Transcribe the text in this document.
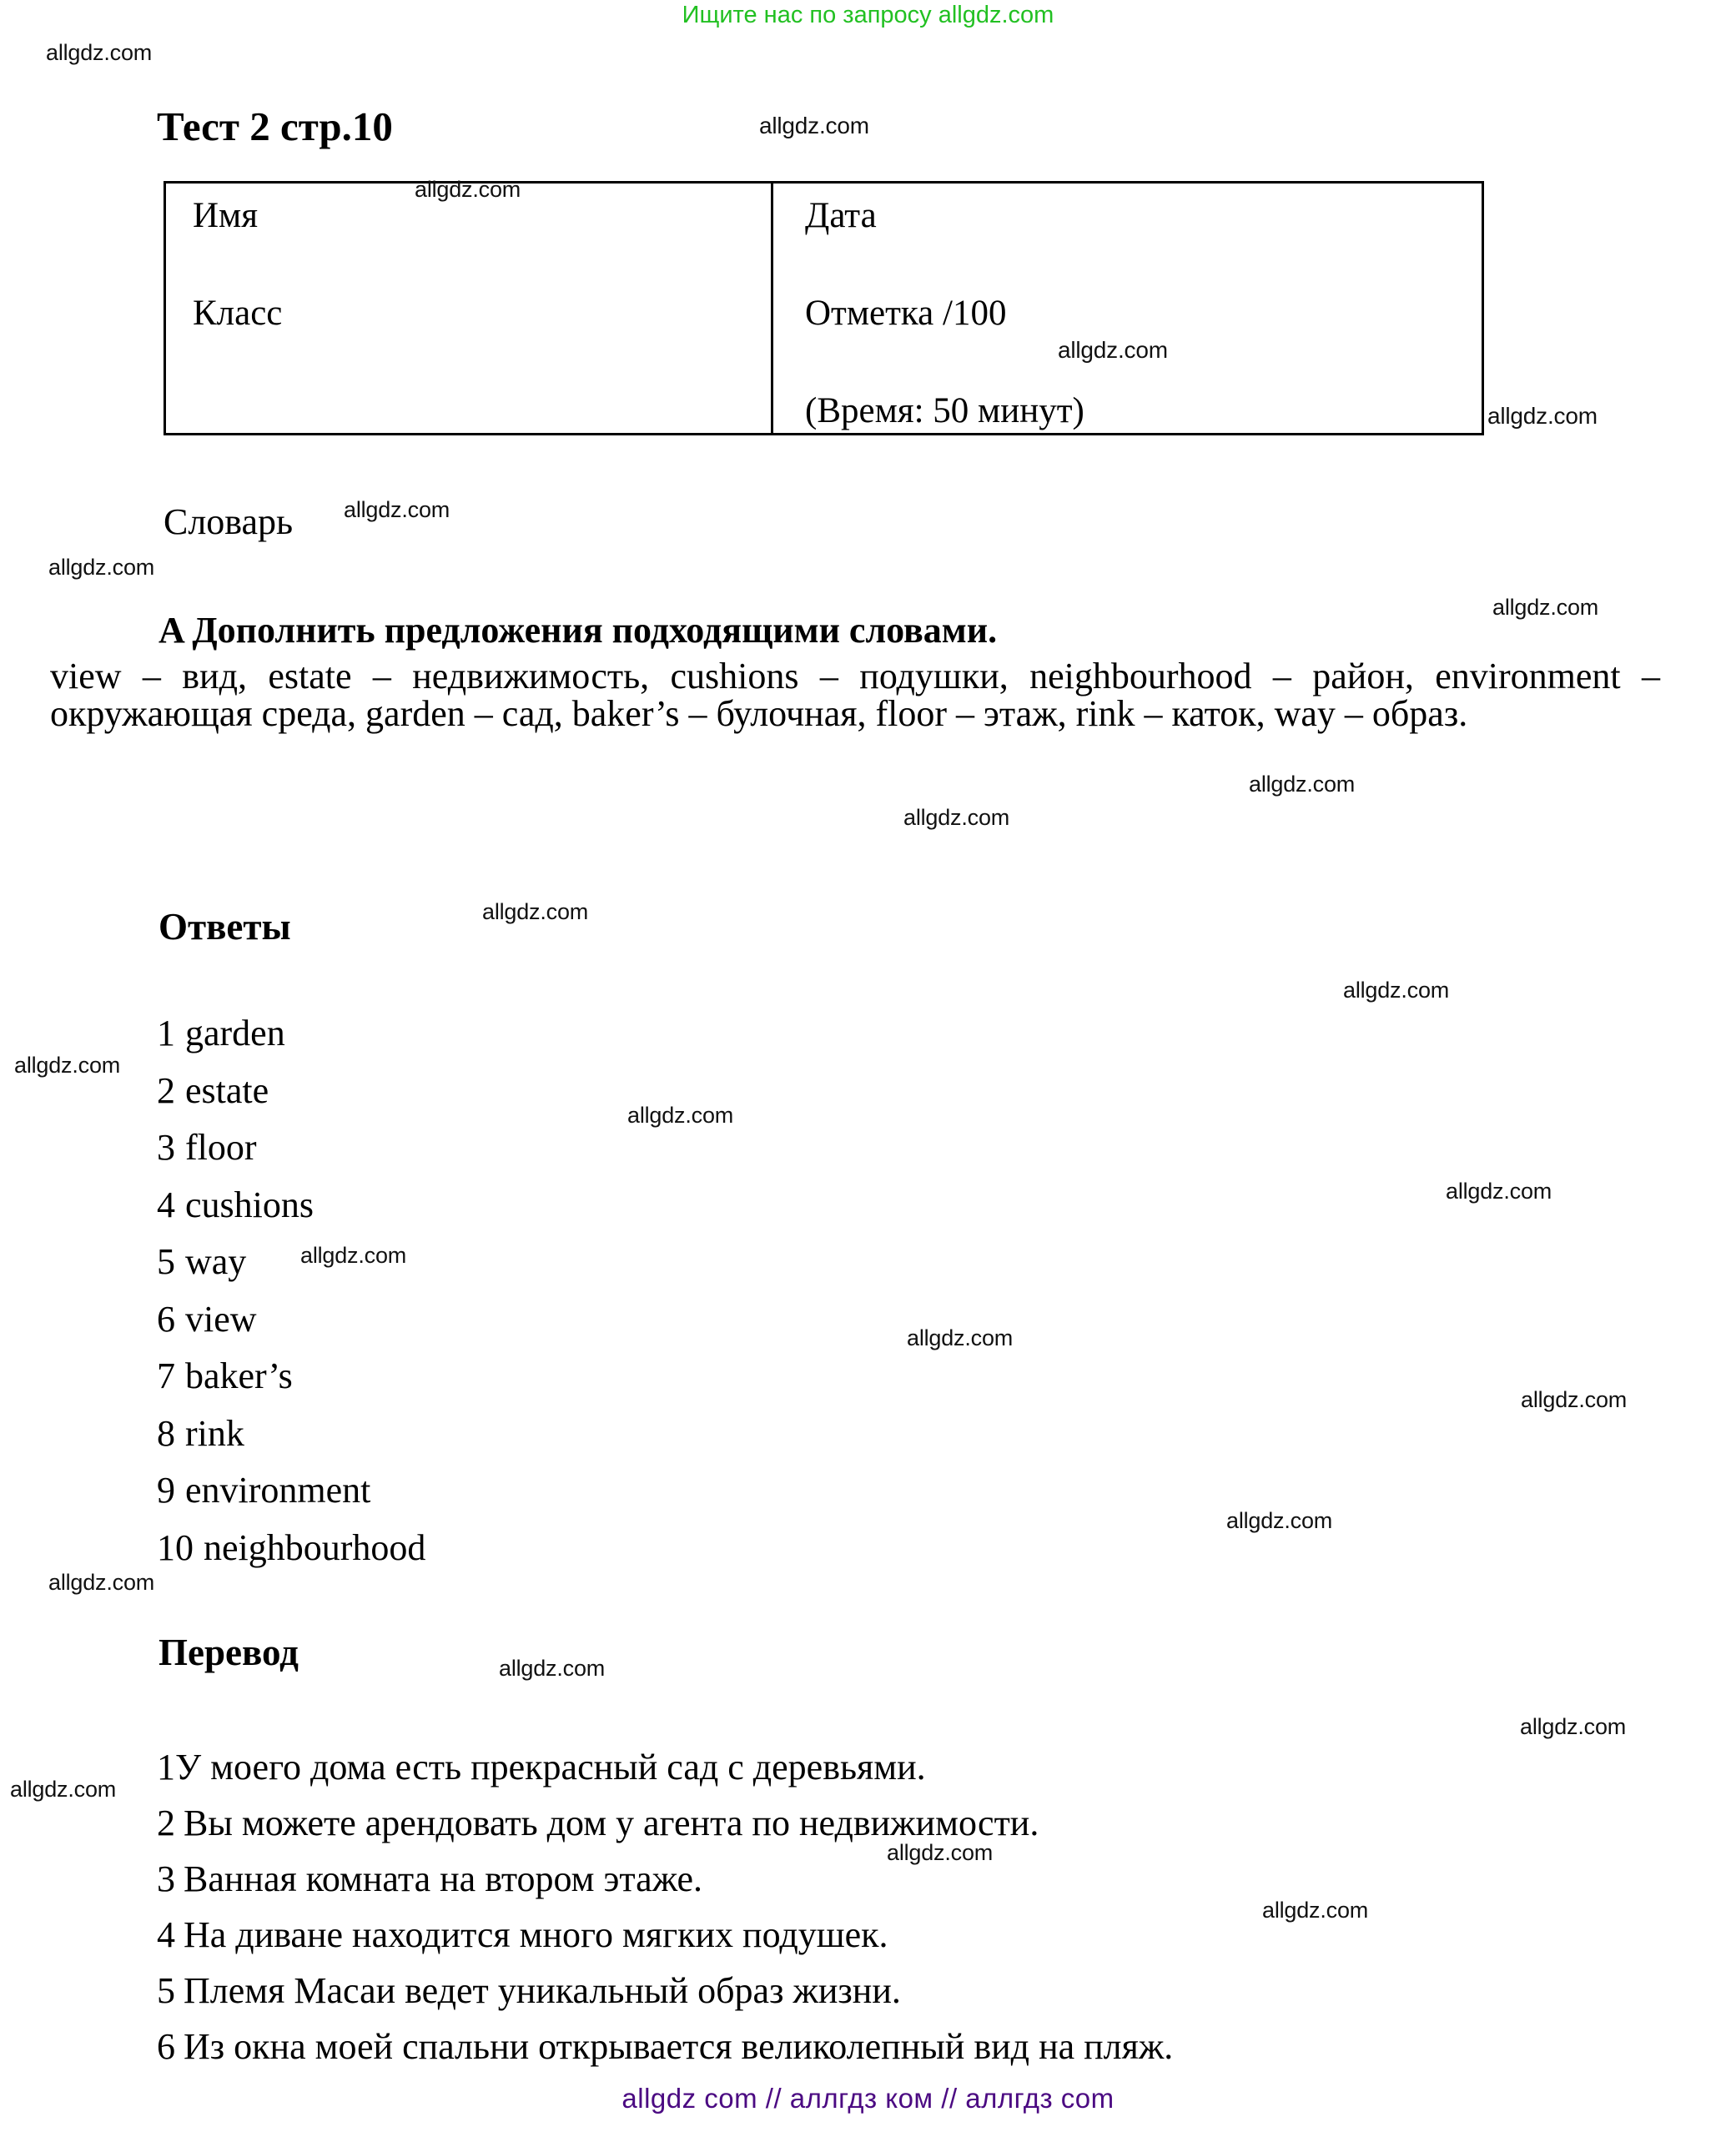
Ищите нас по запросу allgdz.com
Тест 2 стр.10
Имя
Класс
Дата
Отметка /100
(Время: 50 минут)
Словарь
A Дополнить предложения подходящими словами.
view – вид, estate – недвижимость, cushions – подушки, neighbourhood – район, environment – окружающая среда, garden – сад, baker’s – булочная, floor – этаж, rink – каток, way – образ.
Ответы
1 garden
2 estate
3 floor
4 cushions
5 way
6 view
7 baker’s
8 rink
9 environment
10 neighbourhood
Перевод
1У моего дома есть прекрасный сад с деревьями.
2 Вы можете арендовать дом у агента по недвижимости.
3 Ванная комната на втором этаже.
4 На диване находится много мягких подушек.
5 Племя Масаи ведет уникальный образ жизни.
6 Из окна моей спальни открывается великолепный вид на пляж.
allgdz.com
allgdz.com
allgdz.com
allgdz.com
allgdz.com
allgdz.com
allgdz.com
allgdz.com
allgdz.com
allgdz.com
allgdz.com
allgdz.com
allgdz.com
allgdz.com
allgdz.com
allgdz.com
allgdz.com
allgdz.com
allgdz.com
allgdz.com
allgdz.com
allgdz.com
allgdz.com
allgdz.com
allgdz.com
allgdz com // аллгдз ком // аллгдз com
